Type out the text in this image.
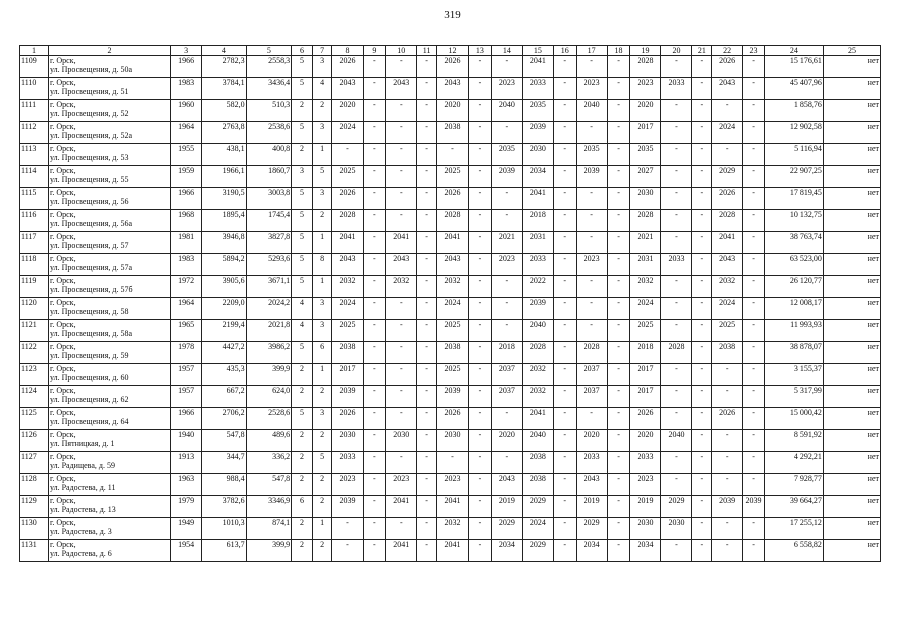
319
1	2	3	4	5	6	7	8	9	10	11	12	13	14	15	16	17	18	19	20	21	22	23	24	25
1109	г. Орск,
ул. Просвещения, д. 50а	1966	2782,3	2558,3	5	3	2026	-	-	-	2026	-	-	2041	-	-	-	2028	-	-	2026	-	15 176,61	нет
1110	г. Орск,
ул. Просвещения, д. 51	1983	3784,1	3436,4	5	4	2043	-	2043	-	2043	-	2023	2033	-	2023	-	2023	2033	-	2043	-	45 407,96	нет
1111	г. Орск,
ул. Просвещения, д. 52	1960	582,0	510,3	2	2	2020	-	-	-	2020	-	2040	2035	-	2040	-	2020	-	-	-	-	1 858,76	нет
1112	г. Орск,
ул. Просвещения, д. 52а	1964	2763,8	2538,6	5	3	2024	-	-	-	2038	-	-	2039	-	-	-	2017	-	-	2024	-	12 902,58	нет
1113	г. Орск,
ул. Просвещения, д. 53	1955	438,1	400,8	2	1	-	-	-	-	-	-	2035	2030	-	2035	-	2035	-	-	-	-	5 116,94	нет
1114	г. Орск,
ул. Просвещения, д. 55	1959	1966,1	1860,7	3	5	2025	-	-	-	2025	-	2039	2034	-	2039	-	2027	-	-	2029	-	22 907,25	нет
1115	г. Орск,
ул. Просвещения, д. 56	1966	3190,5	3003,8	5	3	2026	-	-	-	2026	-	-	2041	-	-	-	2030	-	-	2026	-	17 819,45	нет
1116	г. Орск,
ул. Просвещения, д. 56а	1968	1895,4	1745,4	5	2	2028	-	-	-	2028	-	-	2018	-	-	-	2028	-	-	2028	-	10 132,75	нет
1117	г. Орск,
ул. Просвещения, д. 57	1981	3946,8	3827,8	5	1	2041	-	2041	-	2041	-	2021	2031	-	-	-	2021	-	-	2041	-	38 763,74	нет
1118	г. Орск,
ул. Просвещения, д. 57а	1983	5894,2	5293,6	5	8	2043	-	2043	-	2043	-	2023	2033	-	2023	-	2031	2033	-	2043	-	63 523,00	нет
1119	г. Орск,
ул. Просвещения, д. 57б	1972	3905,6	3671,1	5	1	2032	-	2032	-	2032	-	-	2022	-	-	-	2032	-	-	2032	-	26 120,77	нет
1120	г. Орск,
ул. Просвещения, д. 58	1964	2209,0	2024,2	4	3	2024	-	-	-	2024	-	-	2039	-	-	-	2024	-	-	2024	-	12 008,17	нет
1121	г. Орск,
ул. Просвещения, д. 58а	1965	2199,4	2021,8	4	3	2025	-	-	-	2025	-	-	2040	-	-	-	2025	-	-	2025	-	11 993,93	нет
1122	г. Орск,
ул. Просвещения, д. 59	1978	4427,2	3986,2	5	6	2038	-	-	-	2038	-	2018	2028	-	2028	-	2018	2028	-	2038	-	38 878,07	нет
1123	г. Орск,
ул. Просвещения, д. 60	1957	435,3	399,9	2	1	2017	-	-	-	2025	-	2037	2032	-	2037	-	2017	-	-	-	-	3 155,37	нет
1124	г. Орск,
ул. Просвещения, д. 62	1957	667,2	624,0	2	2	2039	-	-	-	2039	-	2037	2032	-	2037	-	2017	-	-	-	-	5 317,99	нет
1125	г. Орск,
ул. Просвещения, д. 64	1966	2706,2	2528,6	5	3	2026	-	-	-	2026	-	-	2041	-	-	-	2026	-	-	2026	-	15 000,42	нет
1126	г. Орск,
ул. Пятницкая, д. 1	1940	547,8	489,6	2	2	2030	-	2030	-	2030	-	2020	2040	-	2020	-	2020	2040	-	-	-	8 591,92	нет
1127	г. Орск,
ул. Радищева, д. 59	1913	344,7	336,2	2	5	2033	-	-	-	-	-	-	2038	-	2033	-	2033	-	-	-	-	4 292,21	нет
1128	г. Орск,
ул. Радостева, д. 11	1963	988,4	547,8	2	2	2023	-	2023	-	2023	-	2043	2038	-	2043	-	2023	-	-	-	-	7 928,77	нет
1129	г. Орск,
ул. Радостева, д. 13	1979	3782,6	3346,9	6	2	2039	-	2041	-	2041	-	2019	2029	-	2019	-	2019	2029	-	2039	2039	39 664,27	нет
1130	г. Орск,
ул. Радостева, д. 3	1949	1010,3	874,1	2	1	-	-	-	-	2032	-	2029	2024	-	2029	-	2030	2030	-	-	-	17 255,12	нет
1131	г. Орск,
ул. Радостева, д. 6	1954	613,7	399,9	2	2	-	-	2041	-	2041	-	2034	2029	-	2034	-	2034	-	-	-	-	6 558,82	нет
